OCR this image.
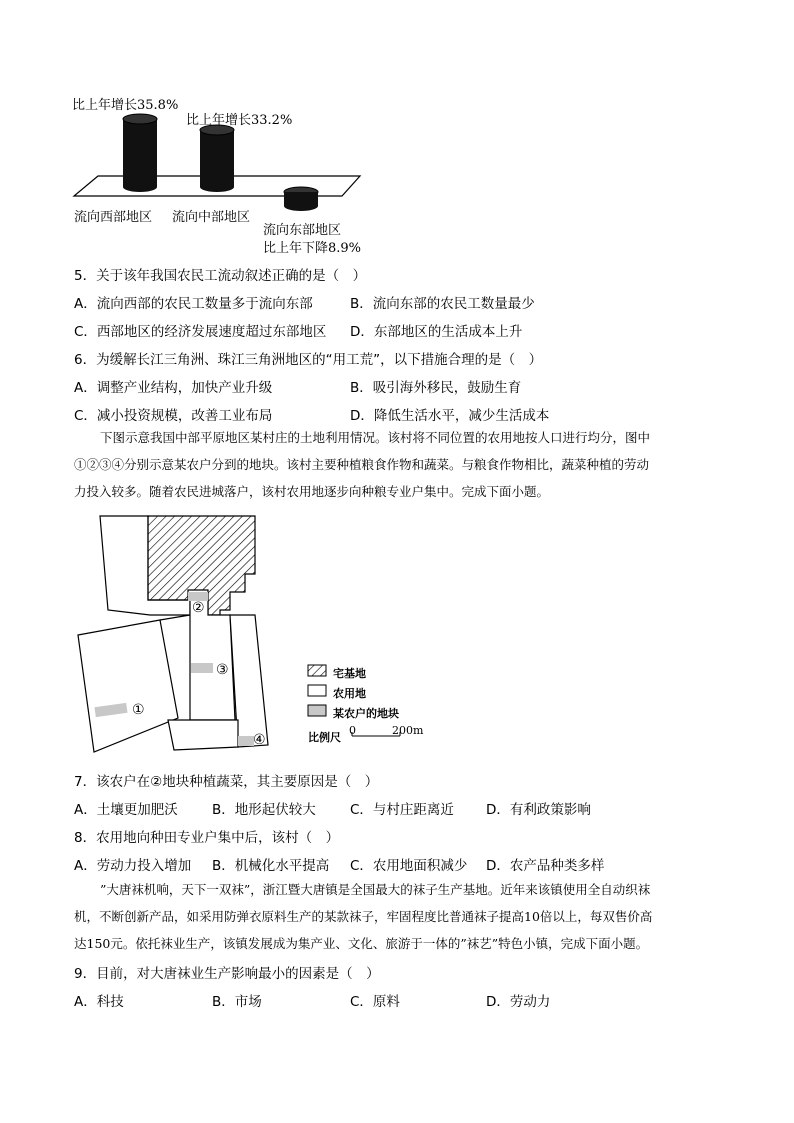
比上年增长35.8%
比上年增长33.2%
流向西部地区 流向中部地区
流向东部地区
比上年下降8.9%
5．关于该年我国农民工流动叙述正确的是（　）
A．流向西部的农民工数量多于流向东部	B．流向东部的农民工数量最少
C．西部地区的经济发展速度超过东部地区 D．东部地区的生活成本上升
6．为缓解长江三角洲、珠江三角洲地区的“用工荒”，以下措施合理的是（　）
A．调整产业结构，加快产业升级	B．吸引海外移民，鼓励生育
C．减小投资规模，改善工业布局	D．降低生活水平，减少生活成本
下图示意我国中部平原地区某村庄的土地利用情况。该村将不同位置的农用地按人口进行均分，图中
①②③④分别示意某农户分到的地块。该村主要种植粮食作物和蔬菜。与粮食作物相比，蔬菜种植的劳动
力投入较多。随着农民进城落户，该村农用地逐步向种粮专业户集中。完成下面小题。
①
②
③
④
宅基地
农用地
某农户的地块
比例尺
0	200m
7．该农户在②地块种植蔬菜，其主要原因是（　）
A．土壤更加肥沃	B．地形起伏较大	C．与村庄距离近 D．有利政策影响
8．农用地向种田专业户集中后，该村（　）
A．劳动力投入增加 B．机械化水平提高 C．农用地面积减少 D．农产品种类多样
”大唐袜机响，天下一双袜”，浙江暨大唐镇是全国最大的袜子生产基地。近年来该镇使用全自动织袜
机，不断创新产品，如采用防弹衣原料生产的某款袜子，牢固程度比普通袜子提高10倍以上，每双售价高
达150元。依托袜业生产，该镇发展成为集产业、文化、旅游于一体的”袜艺”特色小镇，完成下面小题。
9．目前，对大唐袜业生产影响最小的因素是（　）
A．科技	B．市场	C．原料	D．劳动力
